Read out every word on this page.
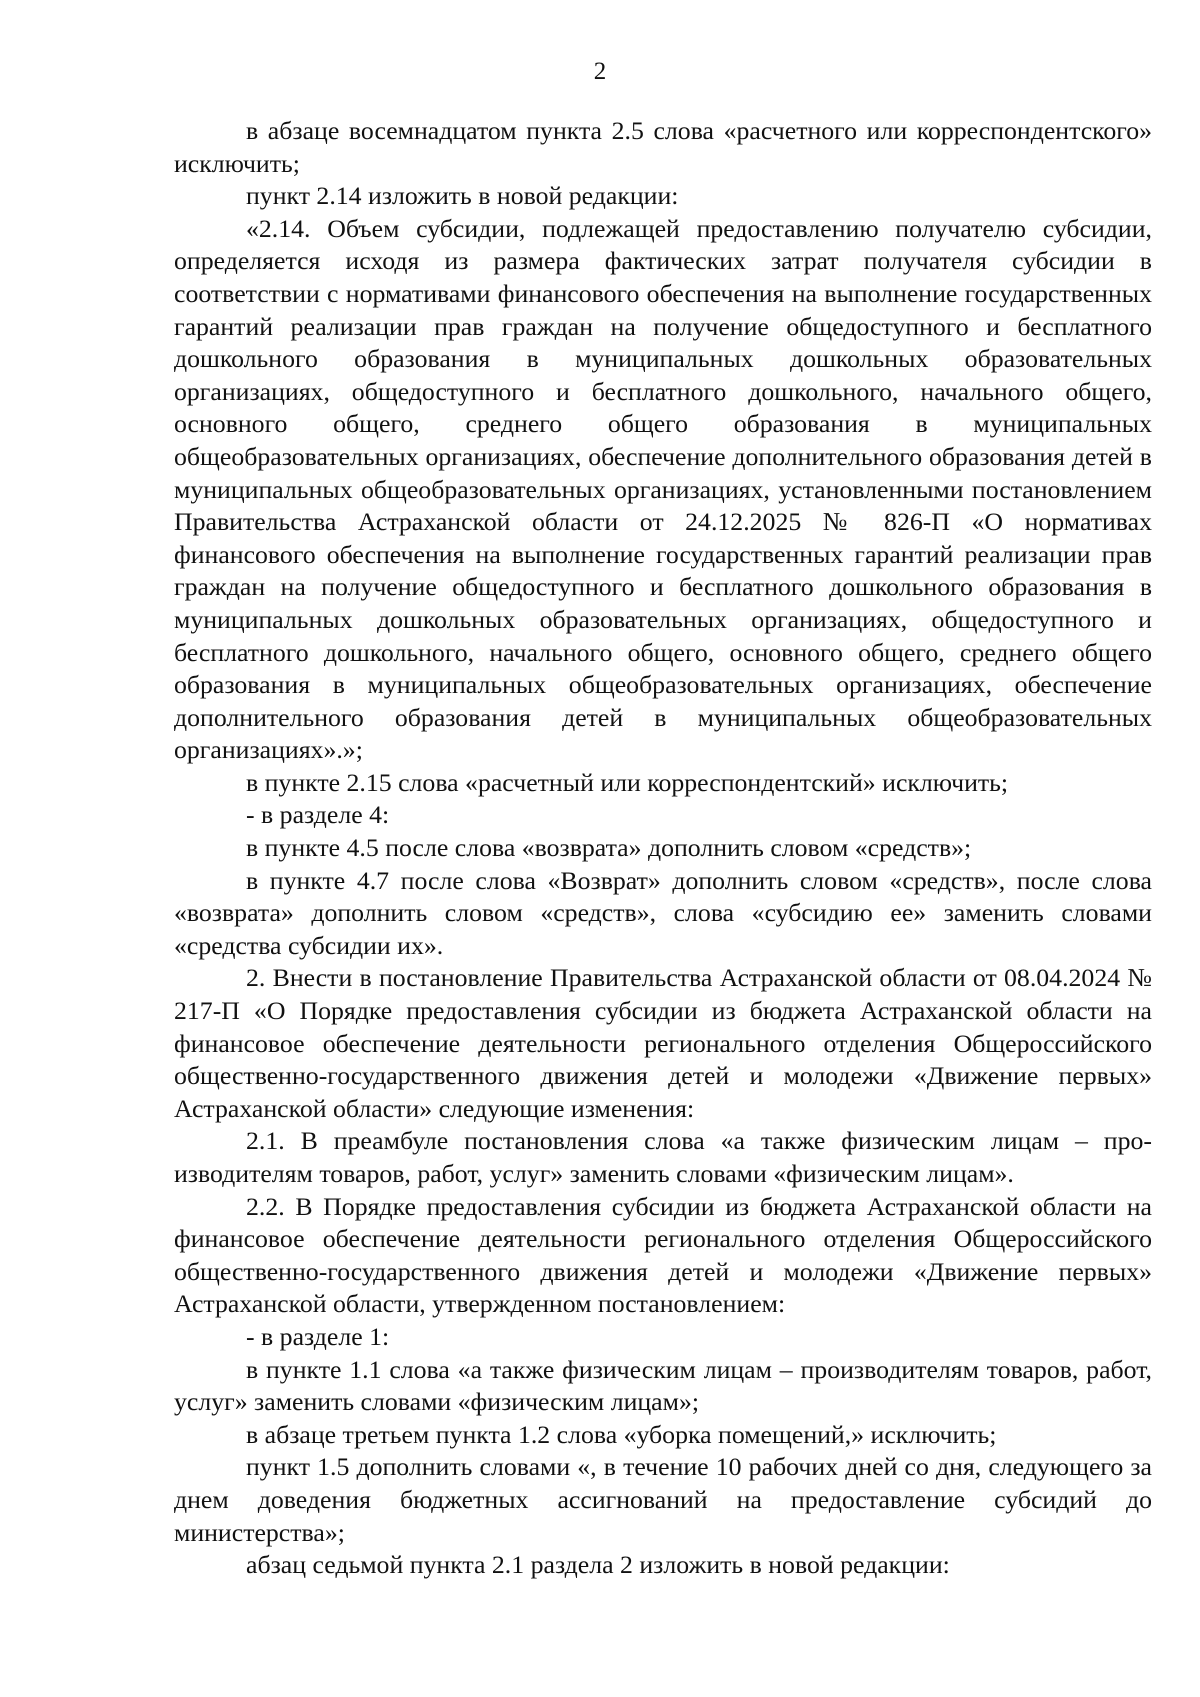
2

в абзаце восемнадцатом пункта 2.5 слова «расчетного или корреспондентского» исключить;

пункт 2.14 изложить в новой редакции:

«2.14. Объем субсидии, подлежащей предоставлению получателю субсидии, определяется исходя из размера фактических затрат получателя субсидии в соответствии с нормативами финансового обеспечения на выполнение государственных гарантий реализации прав граждан на получение общедоступного и бесплатного дошкольного образования в муниципальных дошкольных образовательных организациях, общедоступного и бесплатного дошкольного, начального общего, основного общего, среднего общего образования в муниципальных общеобразовательных организациях, обеспечение дополнительного образования детей в муниципальных общеобразовательных организациях, установленными постановлением Правительства Астраханской области от 24.12.2025 № 826-П «О нормативах финансового обеспечения на выполнение государственных гарантий реализации прав граждан на получение общедоступного и бесплатного дошкольного образования в муниципальных дошкольных образовательных организациях, общедоступного и бесплатного дошкольного, начального общего, основного общего, среднего общего образования в муниципальных общеобразовательных организациях, обеспечение дополнительного образования детей в муниципальных общеобразовательных организациях».»;

в пункте 2.15 слова «расчетный или корреспондентский» исключить;

- в разделе 4:

в пункте 4.5 после слова «возврата» дополнить словом «средств»;

в пункте 4.7 после слова «Возврат» дополнить словом «средств», после слова «возврата» дополнить словом «средств», слова «субсидию ее» заменить словами «средства субсидии их».

2. Внести в постановление Правительства Астраханской области от 08.04.2024 № 217-П «О Порядке предоставления субсидии из бюджета Астраханской области на финансовое обеспечение деятельности регионального отделения Общероссийского общественно-государственного движения детей и молодежи «Движение первых» Астраханской области» следующие изменения:

2.1. В преамбуле постановления слова «а также физическим лицам – производителям товаров, работ, услуг» заменить словами «физическим лицам».

2.2. В Порядке предоставления субсидии из бюджета Астраханской области на финансовое обеспечение деятельности регионального отделения Общероссийского общественно-государственного движения детей и молодежи «Движение первых» Астраханской области, утвержденном постановлением:

- в разделе 1:

в пункте 1.1 слова «а также физическим лицам – производителям товаров, работ, услуг» заменить словами «физическим лицам»;

в абзаце третьем пункта 1.2 слова «уборка помещений,» исключить;

пункт 1.5 дополнить словами «, в течение 10 рабочих дней со дня, следующего за днем доведения бюджетных ассигнований на предоставление субсидий до министерства»;

абзац седьмой пункта 2.1 раздела 2 изложить в новой редакции:
